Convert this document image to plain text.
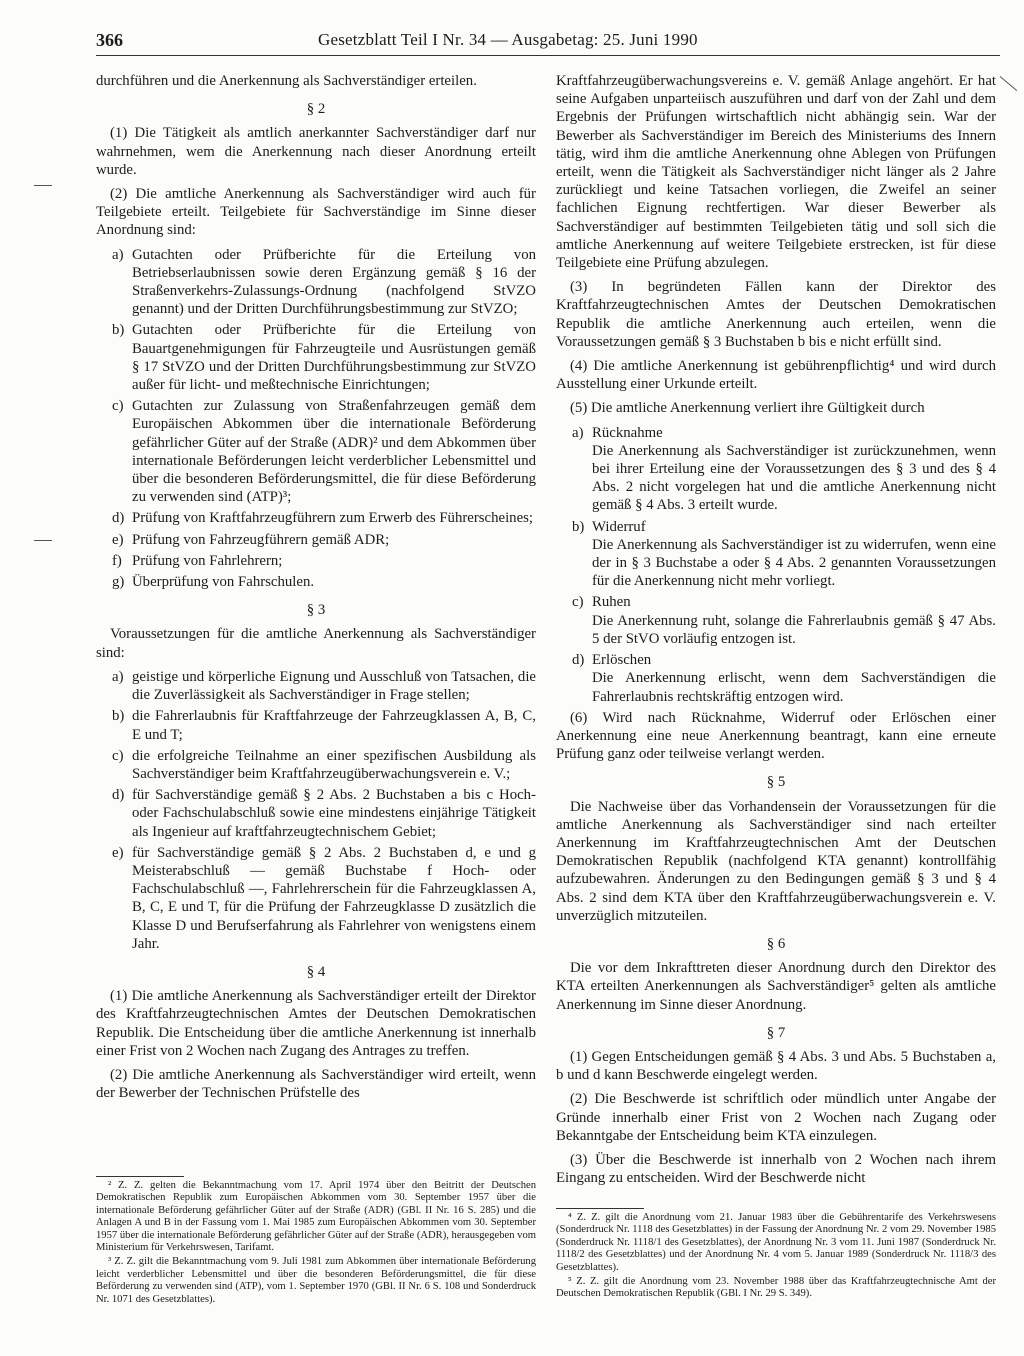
366	Gesetzblatt Teil I Nr. 34 — Ausgabetag: 25. Juni 1990

durchführen und die Anerkennung als Sachverständiger erteilen.

§ 2

(1) Die Tätigkeit als amtlich anerkannter Sachverständiger darf nur wahrnehmen, wem die Anerkennung nach dieser Anordnung erteilt wurde.

(2) Die amtliche Anerkennung als Sachverständiger wird auch für Teilgebiete erteilt. Teilgebiete für Sachverständige im Sinne dieser Anordnung sind:

a) Gutachten oder Prüfberichte für die Erteilung von Betriebserlaubnissen sowie deren Ergänzung gemäß § 16 der Straßenverkehrs-Zulassungs-Ordnung (nachfolgend StVZO genannt) und der Dritten Durchführungsbestimmung zur StVZO;
b) Gutachten oder Prüfberichte für die Erteilung von Bauartgenehmigungen für Fahrzeugteile und Ausrüstungen gemäß § 17 StVZO und der Dritten Durchführungsbestimmung zur StVZO außer für licht- und meßtechnische Einrichtungen;
c) Gutachten zur Zulassung von Straßenfahrzeugen gemäß dem Europäischen Abkommen über die internationale Beförderung gefährlicher Güter auf der Straße (ADR)² und dem Abkommen über internationale Beförderungen leicht verderblicher Lebensmittel und über die besonderen Beförderungsmittel, die für diese Beförderung zu verwenden sind (ATP)³;
d) Prüfung von Kraftfahrzeugführern zum Erwerb des Führerscheines;
e) Prüfung von Fahrzeugführern gemäß ADR;
f) Prüfung von Fahrlehrern;
g) Überprüfung von Fahrschulen.
§ 3

Voraussetzungen für die amtliche Anerkennung als Sachverständiger sind:

a) geistige und körperliche Eignung und Ausschluß von Tatsachen, die die Zuverlässigkeit als Sachverständiger in Frage stellen;
b) die Fahrerlaubnis für Kraftfahrzeuge der Fahrzeugklassen A, B, C, E und T;
c) die erfolgreiche Teilnahme an einer spezifischen Ausbildung als Sachverständiger beim Kraftfahrzeugüberwachungsverein e. V.;
d) für Sachverständige gemäß § 2 Abs. 2 Buchstaben a bis c Hoch- oder Fachschulabschluß sowie eine mindestens einjährige Tätigkeit als Ingenieur auf kraftfahrzeugtechnischem Gebiet;
e) für Sachverständige gemäß § 2 Abs. 2 Buchstaben d, e und g Meisterabschluß — gemäß Buchstabe f Hoch- oder Fachschulabschluß —, Fahrlehrerschein für die Fahrzeugklassen A, B, C, E und T, für die Prüfung der Fahrzeugklasse D zusätzlich die Klasse D und Berufserfahrung als Fahrlehrer von wenigstens einem Jahr.
§ 4

(1) Die amtliche Anerkennung als Sachverständiger erteilt der Direktor des Kraftfahrzeugtechnischen Amtes der Deutschen Demokratischen Republik. Die Entscheidung über die amtliche Anerkennung ist innerhalb einer Frist von 2 Wochen nach Zugang des Antrages zu treffen.

(2) Die amtliche Anerkennung als Sachverständiger wird erteilt, wenn der Bewerber der Technischen Prüfstelle des

Kraftfahrzeugüberwachungsvereins e. V. gemäß Anlage angehört. Er hat seine Aufgaben unparteiisch auszuführen und darf von der Zahl und dem Ergebnis der Prüfungen wirtschaftlich nicht abhängig sein. War der Bewerber als Sachverständiger im Bereich des Ministeriums des Innern tätig, wird ihm die amtliche Anerkennung ohne Ablegen von Prüfungen erteilt, wenn die Tätigkeit als Sachverständiger nicht länger als 2 Jahre zurückliegt und keine Tatsachen vorliegen, die Zweifel an seiner fachlichen Eignung rechtfertigen. War dieser Bewerber als Sachverständiger auf bestimmten Teilgebieten tätig und soll sich die amtliche Anerkennung auf weitere Teilgebiete erstrecken, ist für diese Teilgebiete eine Prüfung abzulegen.

(3) In begründeten Fällen kann der Direktor des Kraftfahrzeugtechnischen Amtes der Deutschen Demokratischen Republik die amtliche Anerkennung auch erteilen, wenn die Voraussetzungen gemäß § 3 Buchstaben b bis e nicht erfüllt sind.

(4) Die amtliche Anerkennung ist gebührenpflichtig⁴ und wird durch Ausstellung einer Urkunde erteilt.

(5) Die amtliche Anerkennung verliert ihre Gültigkeit durch

a) Rücknahme
Die Anerkennung als Sachverständiger ist zurückzunehmen, wenn bei ihrer Erteilung eine der Voraussetzungen des § 3 und des § 4 Abs. 2 nicht vorgelegen hat und die amtliche Anerkennung nicht gemäß § 4 Abs. 3 erteilt wurde.
b) Widerruf
Die Anerkennung als Sachverständiger ist zu widerrufen, wenn eine der in § 3 Buchstabe a oder § 4 Abs. 2 genannten Voraussetzungen für die Anerkennung nicht mehr vorliegt.
c) Ruhen
Die Anerkennung ruht, solange die Fahrerlaubnis gemäß § 47 Abs. 5 der StVO vorläufig entzogen ist.
d) Erlöschen
Die Anerkennung erlischt, wenn dem Sachverständigen die Fahrerlaubnis rechtskräftig entzogen wird.

(6) Wird nach Rücknahme, Widerruf oder Erlöschen einer Anerkennung eine neue Anerkennung beantragt, kann eine erneute Prüfung ganz oder teilweise verlangt werden.

§ 5

Die Nachweise über das Vorhandensein der Voraussetzungen für die amtliche Anerkennung als Sachverständiger sind nach erteilter Anerkennung im Kraftfahrzeugtechnischen Amt der Deutschen Demokratischen Republik (nachfolgend KTA genannt) kontrollfähig aufzubewahren. Änderungen zu den Bedingungen gemäß § 3 und § 4 Abs. 2 sind dem KTA über den Kraftfahrzeugüberwachungsverein e. V. unverzüglich mitzuteilen.

§ 6

Die vor dem Inkrafttreten dieser Anordnung durch den Direktor des KTA erteilten Anerkennungen als Sachverständiger⁵ gelten als amtliche Anerkennung im Sinne dieser Anordnung.

§ 7

(1) Gegen Entscheidungen gemäß § 4 Abs. 3 und Abs. 5 Buchstaben a, b und d kann Beschwerde eingelegt werden.

(2) Die Beschwerde ist schriftlich oder mündlich unter Angabe der Gründe innerhalb einer Frist von 2 Wochen nach Zugang oder Bekanntgabe der Entscheidung beim KTA einzulegen.

(3) Über die Beschwerde ist innerhalb von 2 Wochen nach ihrem Eingang zu entscheiden. Wird der Beschwerde nicht

² Z. Z. gelten die Bekanntmachung vom 17. April 1974 über den Beitritt der Deutschen Demokratischen Republik zum Europäischen Abkommen vom 30. September 1957 über die internationale Beförderung gefährlicher Güter auf der Straße (ADR) (GBl. II Nr. 16 S. 285) und die Anlagen A und B in der Fassung vom 1. Mai 1985 zum Europäischen Abkommen vom 30. September 1957 über die internationale Beförderung gefährlicher Güter auf der Straße (ADR), herausgegeben vom Ministerium für Verkehrswesen, Tarifamt.

³ Z. Z. gilt die Bekanntmachung vom 9. Juli 1981 zum Abkommen über internationale Beförderung leicht verderblicher Lebensmittel und über die besonderen Beförderungsmittel, die für diese Beförderung zu verwenden sind (ATP), vom 1. September 1970 (GBl. II Nr. 6 S. 108 und Sonderdruck Nr. 1071 des Gesetzblattes).

⁴ Z. Z. gilt die Anordnung vom 21. Januar 1983 über die Gebührentarife des Verkehrswesens (Sonderdruck Nr. 1118 des Gesetzblattes) in der Fassung der Anordnung Nr. 2 vom 29. November 1985 (Sonderdruck Nr. 1118/1 des Gesetzblattes), der Anordnung Nr. 3 vom 11. Juni 1987 (Sonderdruck Nr. 1118/2 des Gesetzblattes) und der Anordnung Nr. 4 vom 5. Januar 1989 (Sonderdruck Nr. 1118/3 des Gesetzblattes).

⁵ Z. Z. gilt die Anordnung vom 23. November 1988 über das Kraftfahrzeugtechnische Amt der Deutschen Demokratischen Republik (GBl. I Nr. 29 S. 349).
